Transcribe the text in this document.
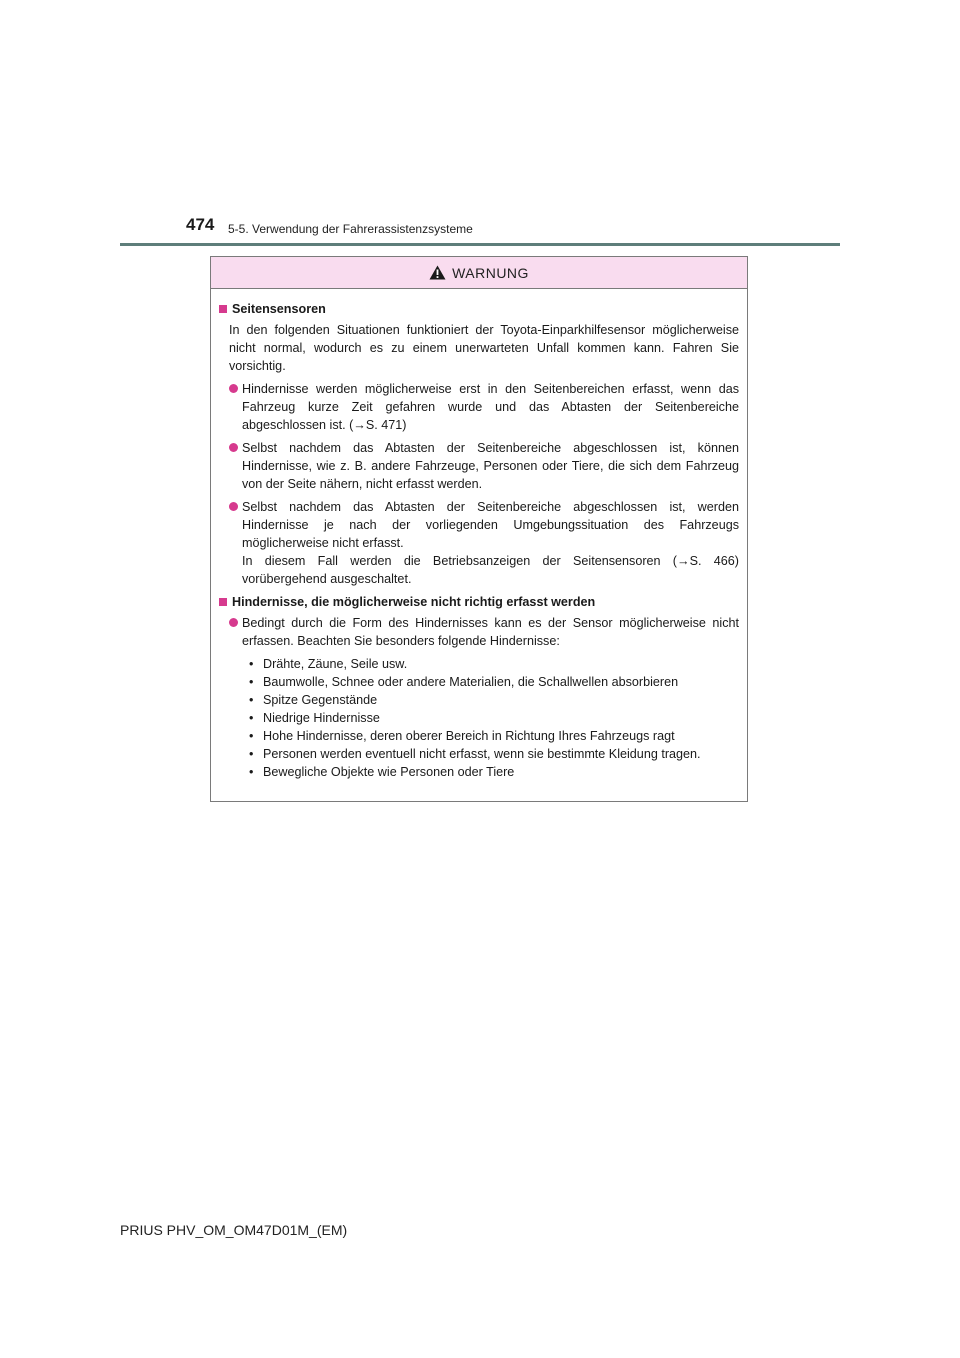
474 5-5. Verwendung der Fahrerassistenzsysteme
WARNUNG
Seitensensoren
In den folgenden Situationen funktioniert der Toyota-Einparkhilfesensor möglicherweise nicht normal, wodurch es zu einem unerwarteten Unfall kommen kann. Fahren Sie vorsichtig.
Hindernisse werden möglicherweise erst in den Seitenbereichen erfasst, wenn das Fahrzeug kurze Zeit gefahren wurde und das Abtasten der Seitenbereiche abgeschlossen ist. (→S. 471)
Selbst nachdem das Abtasten der Seitenbereiche abgeschlossen ist, können Hindernisse, wie z. B. andere Fahrzeuge, Personen oder Tiere, die sich dem Fahrzeug von der Seite nähern, nicht erfasst werden.
Selbst nachdem das Abtasten der Seitenbereiche abgeschlossen ist, werden Hindernisse je nach der vorliegenden Umgebungssituation des Fahrzeugs möglicherweise nicht erfasst.
In diesem Fall werden die Betriebsanzeigen der Seitensensoren (→S. 466) vorübergehend ausgeschaltet.
Hindernisse, die möglicherweise nicht richtig erfasst werden
Bedingt durch die Form des Hindernisses kann es der Sensor möglicherweise nicht erfassen. Beachten Sie besonders folgende Hindernisse:
• Drähte, Zäune, Seile usw.
• Baumwolle, Schnee oder andere Materialien, die Schallwellen absorbieren
• Spitze Gegenstände
• Niedrige Hindernisse
• Hohe Hindernisse, deren oberer Bereich in Richtung Ihres Fahrzeugs ragt
• Personen werden eventuell nicht erfasst, wenn sie bestimmte Kleidung tragen.
• Bewegliche Objekte wie Personen oder Tiere
PRIUS PHV_OM_OM47D01M_(EM)
